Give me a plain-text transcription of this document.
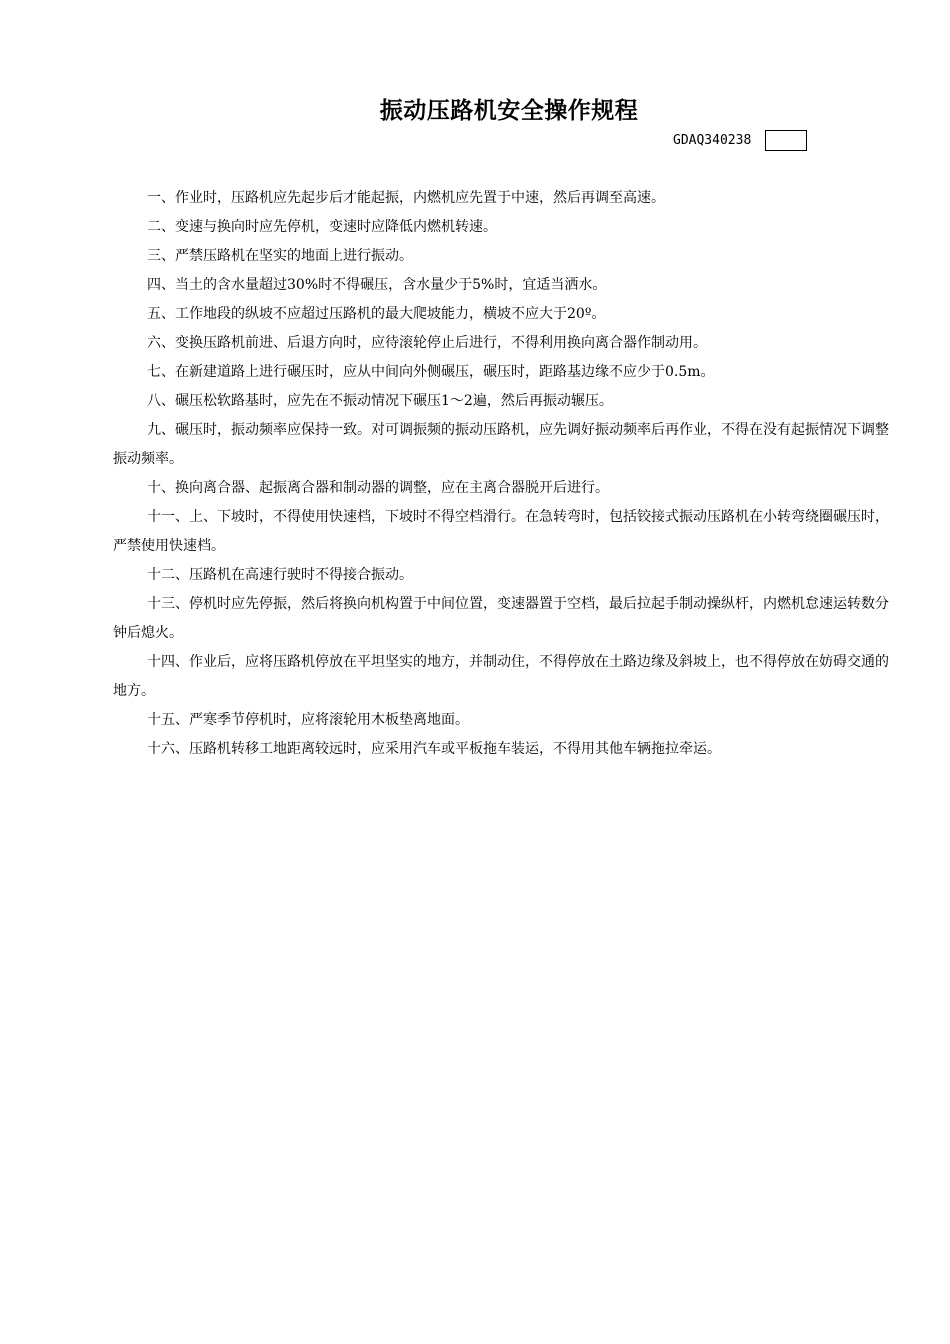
振动压路机安全操作规程
GDAQ340238

一、作业时，压路机应先起步后才能起振，内燃机应先置于中速，然后再调至高速。

二、变速与换向时应先停机，变速时应降低内燃机转速。

三、严禁压路机在坚实的地面上进行振动。

四、当土的含水量超过30%时不得碾压，含水量少于5%时，宜适当洒水。

五、工作地段的纵坡不应超过压路机的最大爬坡能力，横坡不应大于20º。

六、变换压路机前进、后退方向时，应待滚轮停止后进行，不得利用换向离合器作制动用。

七、在新建道路上进行碾压时，应从中间向外侧碾压，碾压时，距路基边缘不应少于0.5m。

八、碾压松软路基时，应先在不振动情况下碾压1～2遍，然后再振动辗压。

九、碾压时，振动频率应保持一致。对可调振频的振动压路机，应先调好振动频率后再作业，不得在没有起振情况下调整振动频率。

十、换向离合器、起振离合器和制动器的调整，应在主离合器脱开后进行。

十一、上、下坡时，不得使用快速档，下坡时不得空档滑行。在急转弯时，包括铰接式振动压路机在小转弯绕圈碾压时，严禁使用快速档。

十二、压路机在高速行驶时不得接合振动。

十三、停机时应先停振，然后将换向机构置于中间位置，变速器置于空档，最后拉起手制动操纵杆，内燃机怠速运转数分钟后熄火。

十四、作业后，应将压路机停放在平坦坚实的地方，并制动住，不得停放在土路边缘及斜坡上，也不得停放在妨碍交通的地方。

十五、严寒季节停机时，应将滚轮用木板垫离地面。

十六、压路机转移工地距离较远时，应采用汽车或平板拖车装运，不得用其他车辆拖拉牵运。
